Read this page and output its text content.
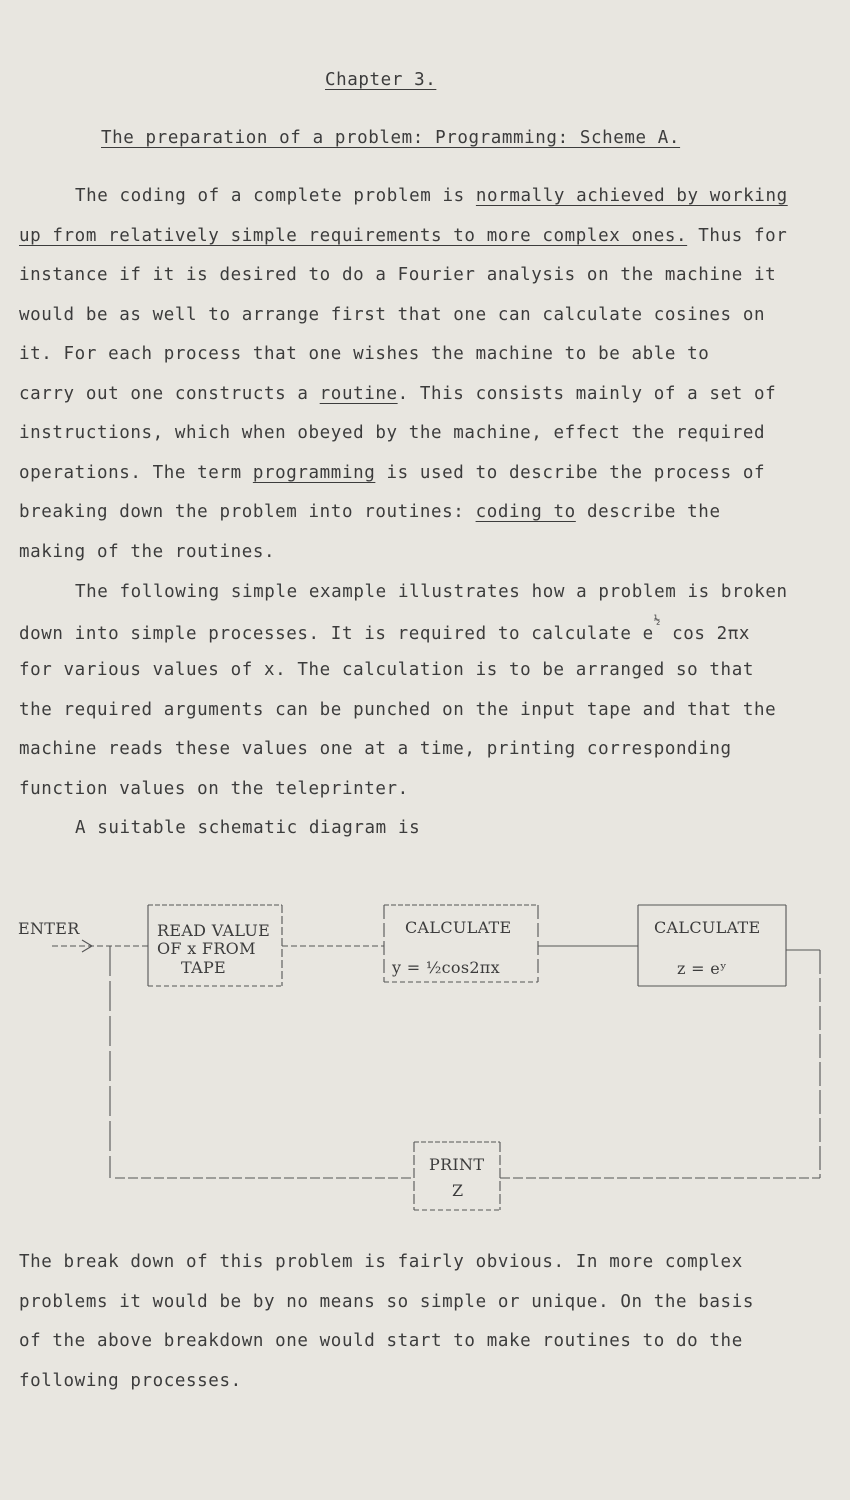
Chapter 3.

The preparation of a problem: Programming: Scheme A.

The coding of a complete problem is normally achieved by working

up from relatively simple requirements to more complex ones. Thus for

instance if it is desired to do a Fourier analysis on the machine it

would be as well to arrange first that one can calculate cosines on

it. For each process that one wishes the machine to be able to

carry out one constructs a routine. This consists mainly of a set of

instructions, which when obeyed by the machine, effect the required

operations. The term programming is used to describe the process of

breaking down the problem into routines: coding to describe the

making of the routines.

The following simple example illustrates how a problem is broken

down into simple processes. It is required to calculate $e^{\frac{1}{2}}$ cos 2πx

for various values of x. The calculation is to be arranged so that

the required arguments can be punched on the input tape and that the

machine reads these values one at a time, printing corresponding

function values on the teleprinter.

A suitable schematic diagram is

ENTER	READ VALUE
OF x FROM
TAPE
CALCULATE
y = ½cos2πx
CALCULATE
z = eʸ
PRINT
Z

The break down of this problem is fairly obvious. In more complex

problems it would be by no means so simple or unique. On the basis

of the above breakdown one would start to make routines to do the

following processes.
